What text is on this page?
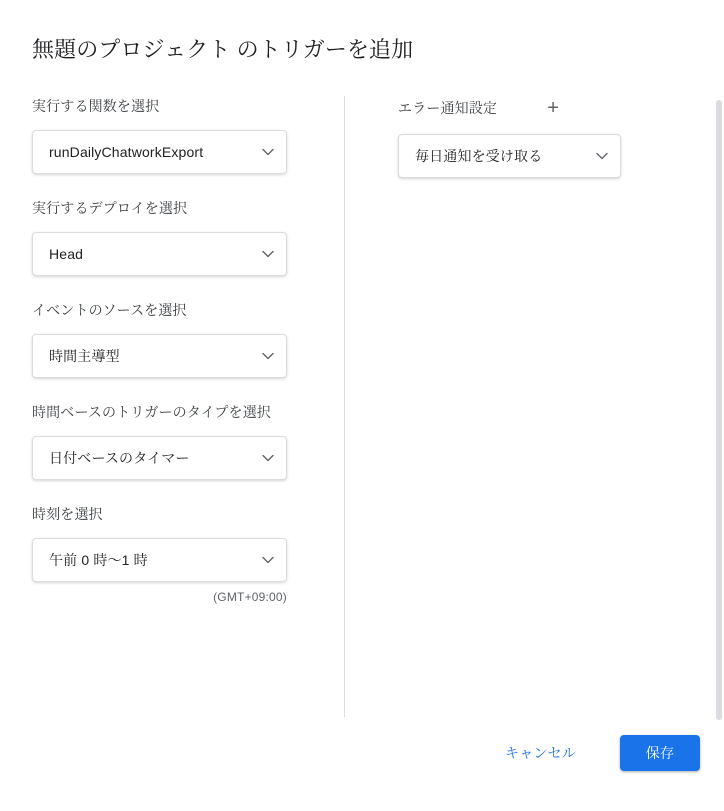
無題のプロジェクト のトリガーを追加
実行する関数を選択
runDailyChatworkExport
実行するデプロイを選択
Head
イベントのソースを選択
時間主導型
時間ベースのトリガーのタイプを選択
日付ベースのタイマー
時刻を選択
午前 0 時～1 時
(GMT+09:00)
エラー通知設定	+
毎日通知を受け取る
キャンセル	保存
